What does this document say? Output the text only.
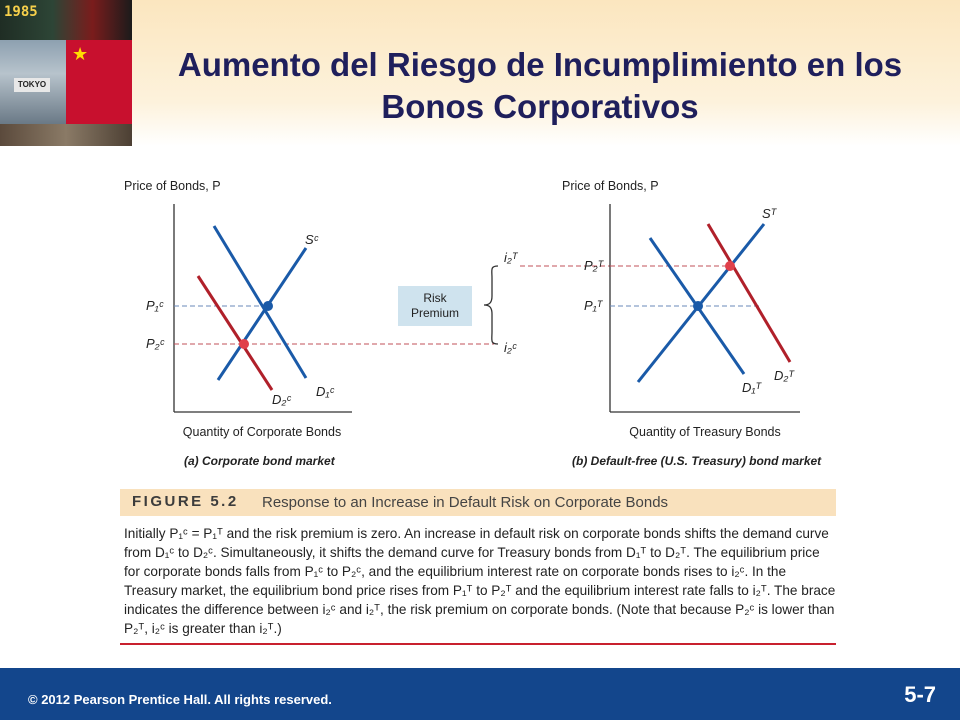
1985
TOKYO
★	Aumento del Riesgo de Incumplimiento en los Bonos Corporativos
Price of Bonds, P
Quantity of Corporate Bonds
(a) Corporate bond market
Sᶜ
D₁ᶜ
D₂ᶜ
P₁ᶜ
P₂ᶜ
Risk
Premium
i₂ᵀ
i₂ᶜ
Price of Bonds, P
Quantity of Treasury Bonds
(b) Default-free (U.S. Treasury) bond market
Sᵀ
D₁ᵀ
D₂ᵀ
P₁ᵀ
P₂ᵀ
FIGURE 5.2 Response to an Increase in Default Risk on Corporate Bonds
Initially P₁ᶜ = P₁ᵀ and the risk premium is zero. An increase in default risk on corporate bonds shifts the demand curve from D₁ᶜ to D₂ᶜ. Simultaneously, it shifts the demand curve for Treasury bonds from D₁ᵀ to D₂ᵀ. The equilibrium price for corporate bonds falls from P₁ᶜ to P₂ᶜ, and the equilibrium interest rate on corporate bonds rises to i₂ᶜ. In the Treasury market, the equilibrium bond price rises from P₁ᵀ to P₂ᵀ and the equilibrium interest rate falls to i₂ᵀ. The brace indicates the difference between i₂ᶜ and i₂ᵀ, the risk premium on corporate bonds. (Note that because P₂ᶜ is lower than P₂ᵀ, i₂ᶜ is greater than i₂ᵀ.)
© 2012 Pearson Prentice Hall. All rights reserved.	5-7
